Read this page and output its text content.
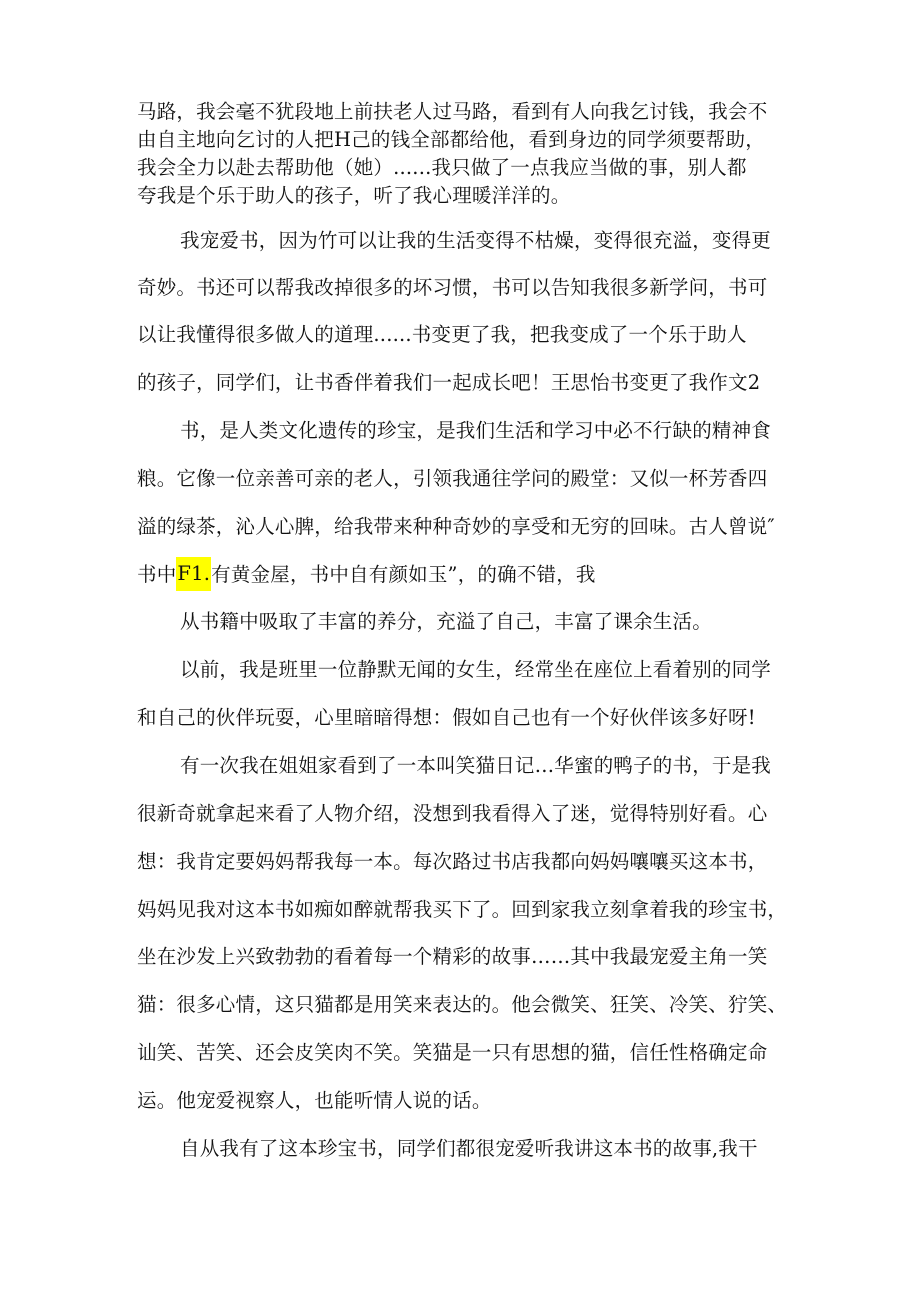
马路，我会毫不犹段地上前扶老人过马路，看到有人向我乞讨钱，我会不
由自主地向乞讨的人把H己的钱全部都给他，看到身边的同学须要帮助，
我会全力以赴去帮助他（她）......我只做了一点我应当做的事，别人都
夸我是个乐于助人的孩子，听了我心理暖洋洋的。
我宠爱书，因为竹可以让我的生活变得不枯燥，变得很充溢，变得更
奇妙。书还可以帮我改掉很多的坏习惯，书可以告知我很多新学问，书可
以让我懂得很多做人的道理......书变更了我，把我变成了一个乐于助人
的孩子，同学们，让书香伴着我们一起成长吧！王思怡书变更了我作文2
书，是人类文化遗传的珍宝，是我们生活和学习中必不行缺的精神食
粮。它像一位亲善可亲的老人，引领我通往学问的殿堂：又似一杯芳香四
溢的绿茶，沁人心脾，给我带来种种奇妙的享受和无穷的回味。古人曾说″
书中F1.有黄金屋，书中自有颜如玉”，的确不错，我
从书籍中吸取了丰富的养分，充溢了自己，丰富了课余生活。
以前，我是班里一位静默无闻的女生，经常坐在座位上看着别的同学
和自己的伙伴玩耍，心里暗暗得想：假如自己也有一个好伙伴该多好呀!
有一次我在姐姐家看到了一本叫笑猫日记…华蜜的鸭子的书，于是我
很新奇就拿起来看了人物介绍，没想到我看得入了迷，觉得特别好看。心
想：我肯定要妈妈帮我每一本。每次路过书店我都向妈妈嚷嚷买这本书，
妈妈见我对这本书如痴如醉就帮我买下了。回到家我立刻拿着我的珍宝书，
坐在沙发上兴致勃勃的看着每一个精彩的故事……其中我最宠爱主角一笑
猫：很多心情，这只猫都是用笑来表达的。他会微笑、狂笑、冷笑、狞笑、
讪笑、苦笑、还会皮笑肉不笑。笑猫是一只有思想的猫，信任性格确定命
运。他宠爱视察人，也能听情人说的话。
自从我有了这本珍宝书，同学们都很宠爱听我讲这本书的故事,我干
